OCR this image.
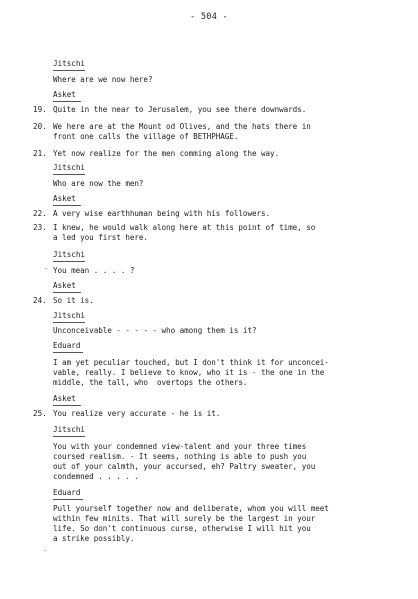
- 504 -
Jitschi
Where are we now here?
Asket
19. Quite in the near to Jerusalem, you see there downwards.
20. We here are at the Mount od Olives, and the hats there in
front one calls the village of BETHPHAGE.
21. Yet now realize for the men comming along the way.
Jitschi
Who are now the men?
Asket
22. A very wise earthhuman being with his followers.
23. I knew, he would walk along here at this point of time, so
a led you first here.
Jitschi
- You mean . . . . ?
Asket
24. So it is.
Jitschi
Unconceivable - - - - - who among them is it?
Eduard
I am yet peculiar touched, but I don't think it for unconcei-
vable, really. I believe to know, who it is - the one in the
middle, the tall, who  overtops the others.
Asket
25. You realize very accurate - he is it.
Jitschi
You with your condemned view-talent and your three times
coursed realism. - It seems, nothing is able to push you
out of your calmth, your accursed, eh? Paltry sweater, you
condemned . . . . .
Eduard
Pull yourself together now and deliberate, whom you will meet
within few minits. That will surely be the largest in your
life. So don't continuous curse, otherwise I will hit you
a strike possibly.
.
